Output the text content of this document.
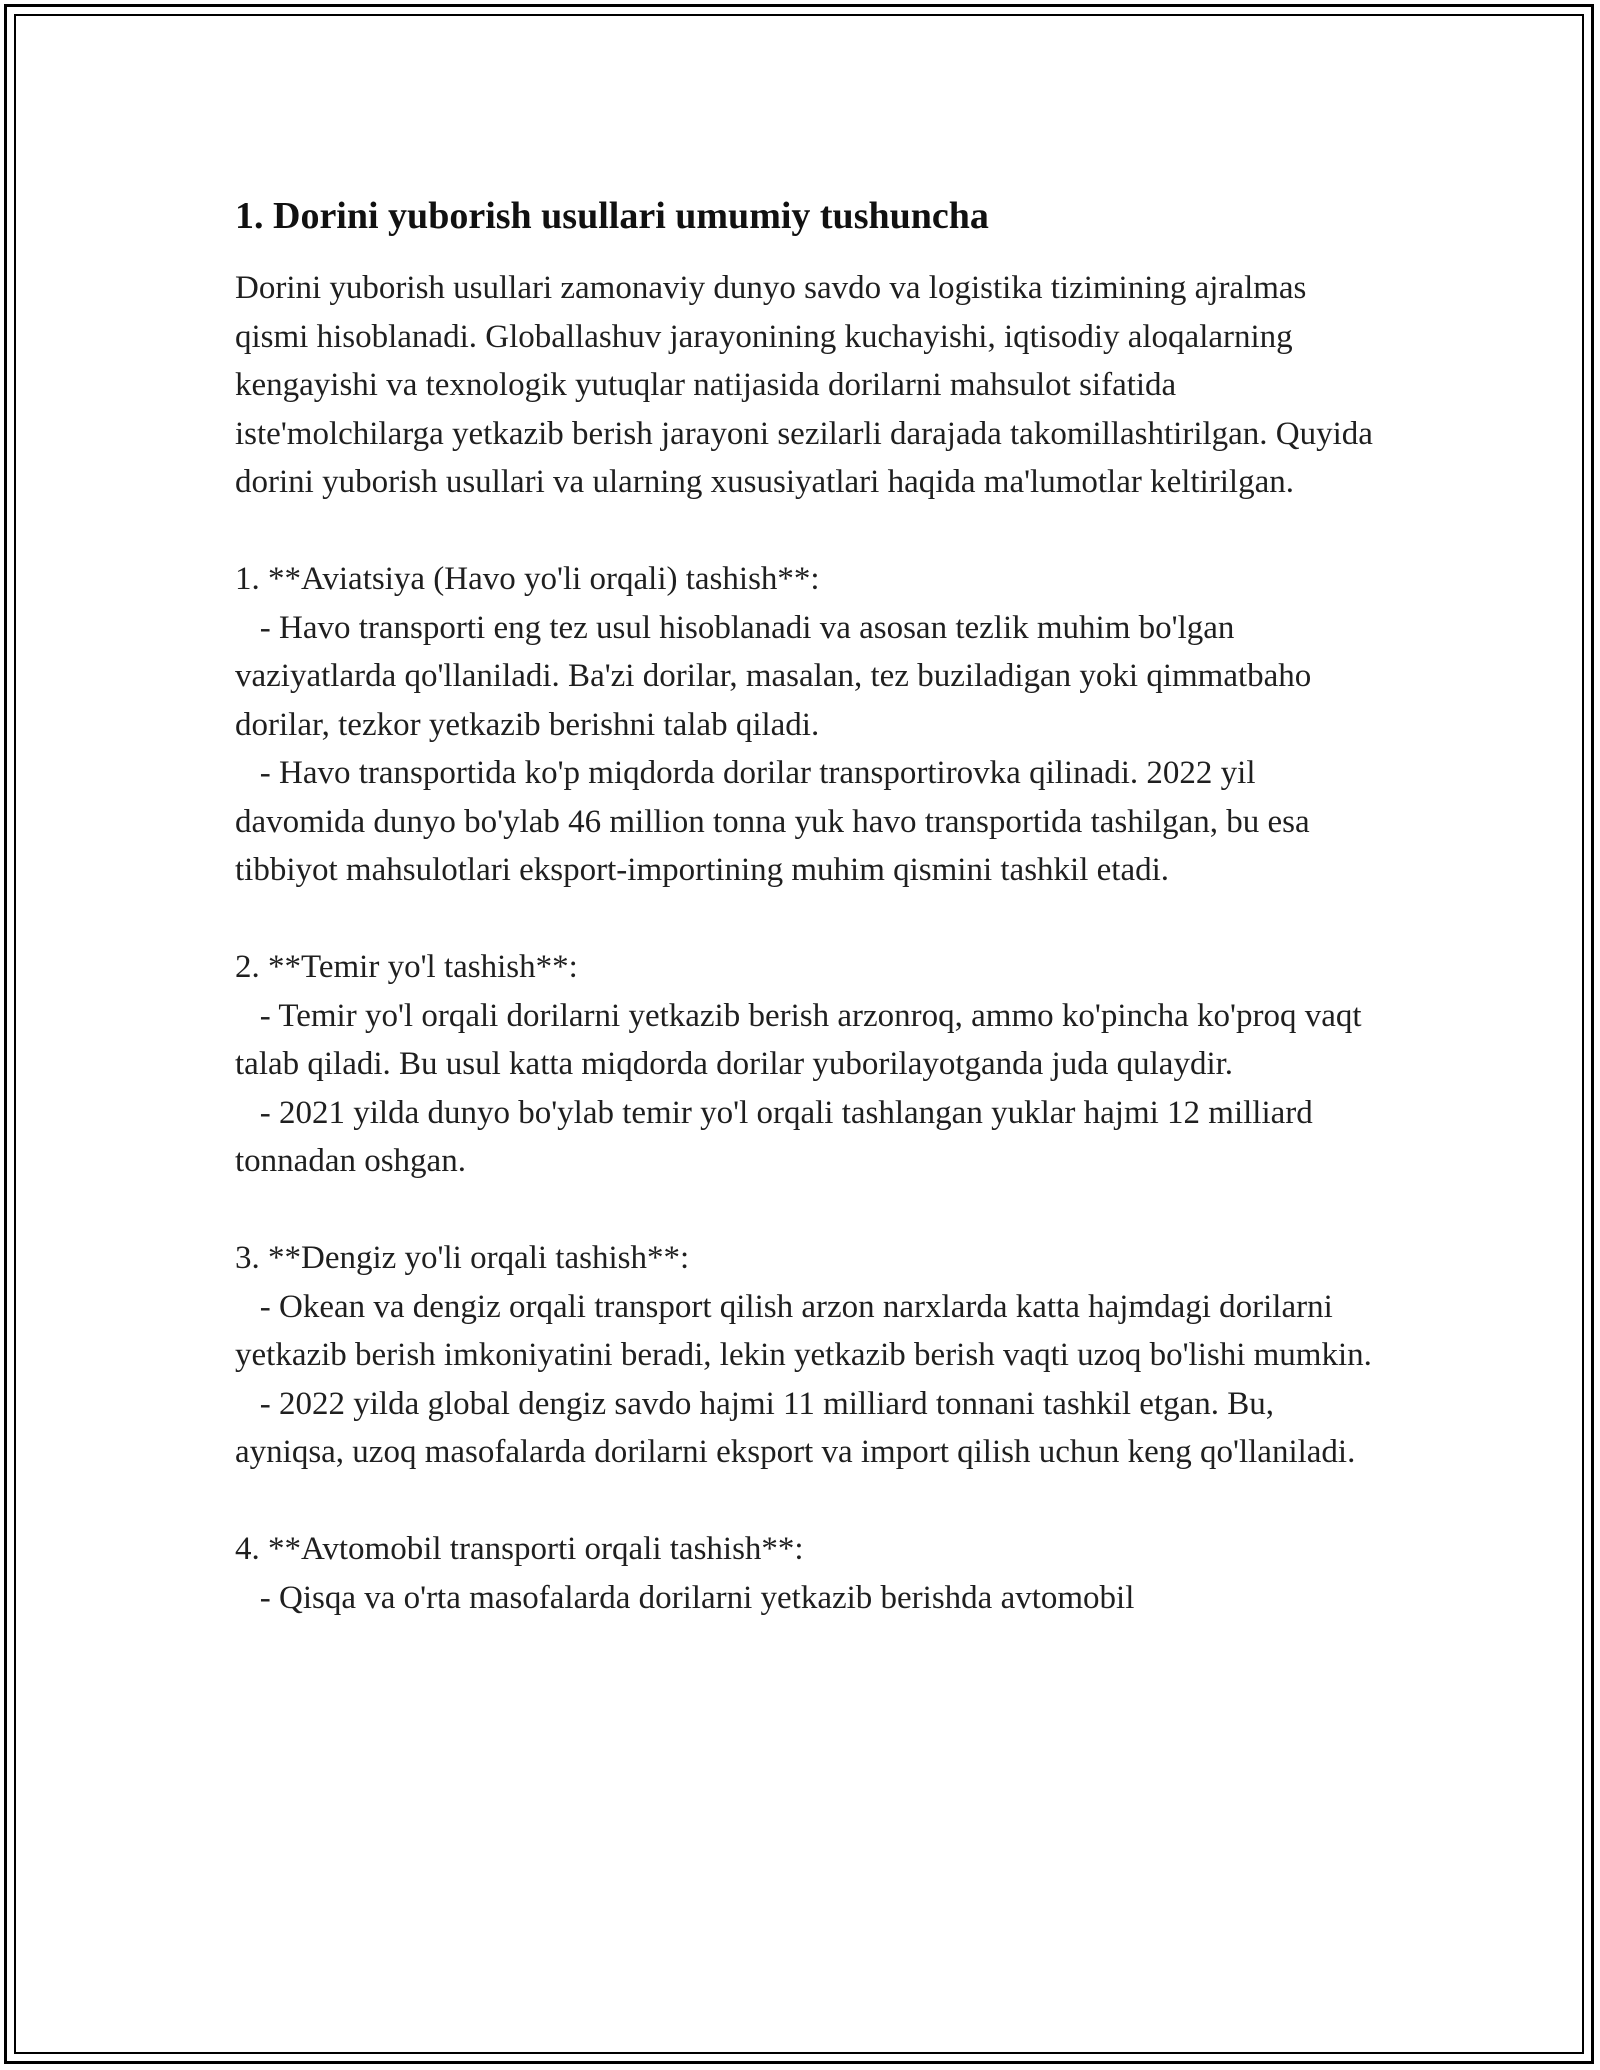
1. Dorini yuborish usullari umumiy tushuncha

Dorini yuborish usullari zamonaviy dunyo savdo va logistika tizimining ajralmas qismi hisoblanadi. Globallashuv jarayonining kuchayishi, iqtisodiy aloqalarning kengayishi va texnologik yutuqlar natijasida dorilarni mahsulot sifatida iste'molchilarga yetkazib berish jarayoni sezilarli darajada takomillashtirilgan. Quyida dorini yuborish usullari va ularning xususiyatlari haqida ma'lumotlar keltirilgan.

1. **Aviatsiya (Havo yo'li orqali) tashish**:

- Havo transporti eng tez usul hisoblanadi va asosan tezlik muhim bo'lgan vaziyatlarda qo'llaniladi. Ba'zi dorilar, masalan, tez buziladigan yoki qimmatbaho dorilar, tezkor yetkazib berishni talab qiladi.

- Havo transportida ko'p miqdorda dorilar transportirovka qilinadi. 2022 yil davomida dunyo bo'ylab 46 million tonna yuk havo transportida tashilgan, bu esa tibbiyot mahsulotlari eksport-importining muhim qismini tashkil etadi.

2. **Temir yo'l tashish**:

- Temir yo'l orqali dorilarni yetkazib berish arzonroq, ammo ko'pincha ko'proq vaqt talab qiladi. Bu usul katta miqdorda dorilar yuborilayotganda juda qulaydir.

- 2021 yilda dunyo bo'ylab temir yo'l orqali tashlangan yuklar hajmi 12 milliard tonnadan oshgan.

3. **Dengiz yo'li orqali tashish**:

- Okean va dengiz orqali transport qilish arzon narxlarda katta hajmdagi dorilarni yetkazib berish imkoniyatini beradi, lekin yetkazib berish vaqti uzoq bo'lishi mumkin.

- 2022 yilda global dengiz savdo hajmi 11 milliard tonnani tashkil etgan. Bu, ayniqsa, uzoq masofalarda dorilarni eksport va import qilish uchun keng qo'llaniladi.

4. **Avtomobil transporti orqali tashish**:

- Qisqa va o'rta masofalarda dorilarni yetkazib berishda avtomobil
